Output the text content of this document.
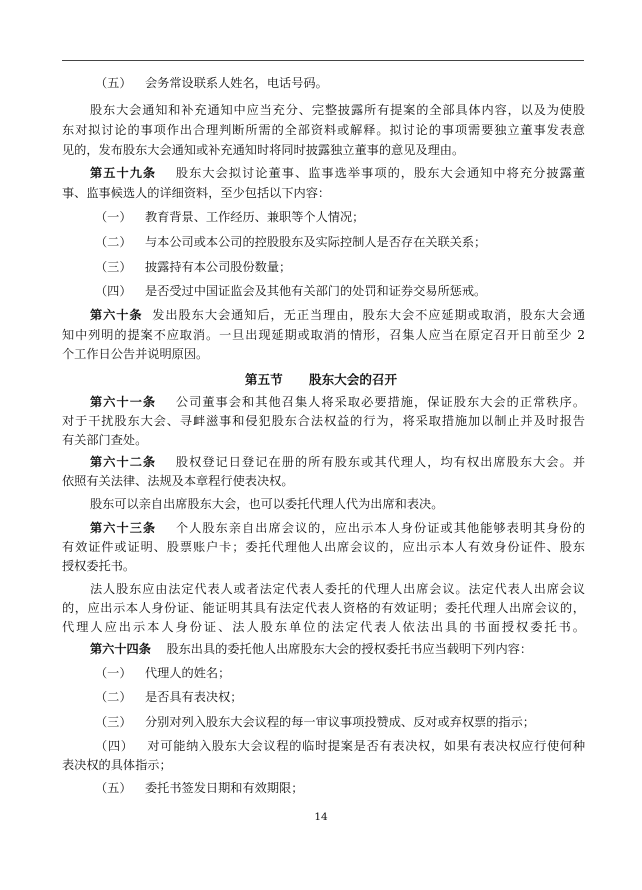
（五） 会务常设联系人姓名，电话号码。

股东大会通知和补充通知中应当充分、完整披露所有提案的全部具体内容，以及为使股

东对拟讨论的事项作出合理判断所需的全部资料或解释。拟讨论的事项需要独立董事发表意

见的，发布股东大会通知或补充通知时将同时披露独立董事的意见及理由。

第五十九条 股东大会拟讨论董事、监事选举事项的，股东大会通知中将充分披露董

事、监事候选人的详细资料，至少包括以下内容：

（一） 教育背景、工作经历、兼职等个人情况；

（二） 与本公司或本公司的控股股东及实际控制人是否存在关联关系；

（三） 披露持有本公司股份数量；

（四） 是否受过中国证监会及其他有关部门的处罚和证券交易所惩戒。

第六十条 发出股东大会通知后，无正当理由，股东大会不应延期或取消，股东大会通

知中列明的提案不应取消。一旦出现延期或取消的情形，召集人应当在原定召开日前至少 2

个工作日公告并说明原因。

第五节 股东大会的召开

第六十一条 公司董事会和其他召集人将采取必要措施，保证股东大会的正常秩序。

对于干扰股东大会、寻衅滋事和侵犯股东合法权益的行为，将采取措施加以制止并及时报告

有关部门查处。

第六十二条 股权登记日登记在册的所有股东或其代理人，均有权出席股东大会。并

依照有关法律、法规及本章程行使表决权。

股东可以亲自出席股东大会，也可以委托代理人代为出席和表决。

第六十三条 个人股东亲自出席会议的，应出示本人身份证或其他能够表明其身份的

有效证件或证明、股票账户卡；委托代理他人出席会议的，应出示本人有效身份证件、股东

授权委托书。

法人股东应由法定代表人或者法定代表人委托的代理人出席会议。法定代表人出席会议

的，应出示本人身份证、能证明其具有法定代表人资格的有效证明；委托代理人出席会议的，

代理人应出示本人身份证、法人股东单位的法定代表人依法出具的书面授权委托书。

第六十四条 股东出具的委托他人出席股东大会的授权委托书应当载明下列内容：

（一） 代理人的姓名；

（二） 是否具有表决权；

（三） 分别对列入股东大会议程的每一审议事项投赞成、反对或弃权票的指示；

（四） 对可能纳入股东大会议程的临时提案是否有表决权，如果有表决权应行使何种

表决权的具体指示；

（五） 委托书签发日期和有效期限；

14
